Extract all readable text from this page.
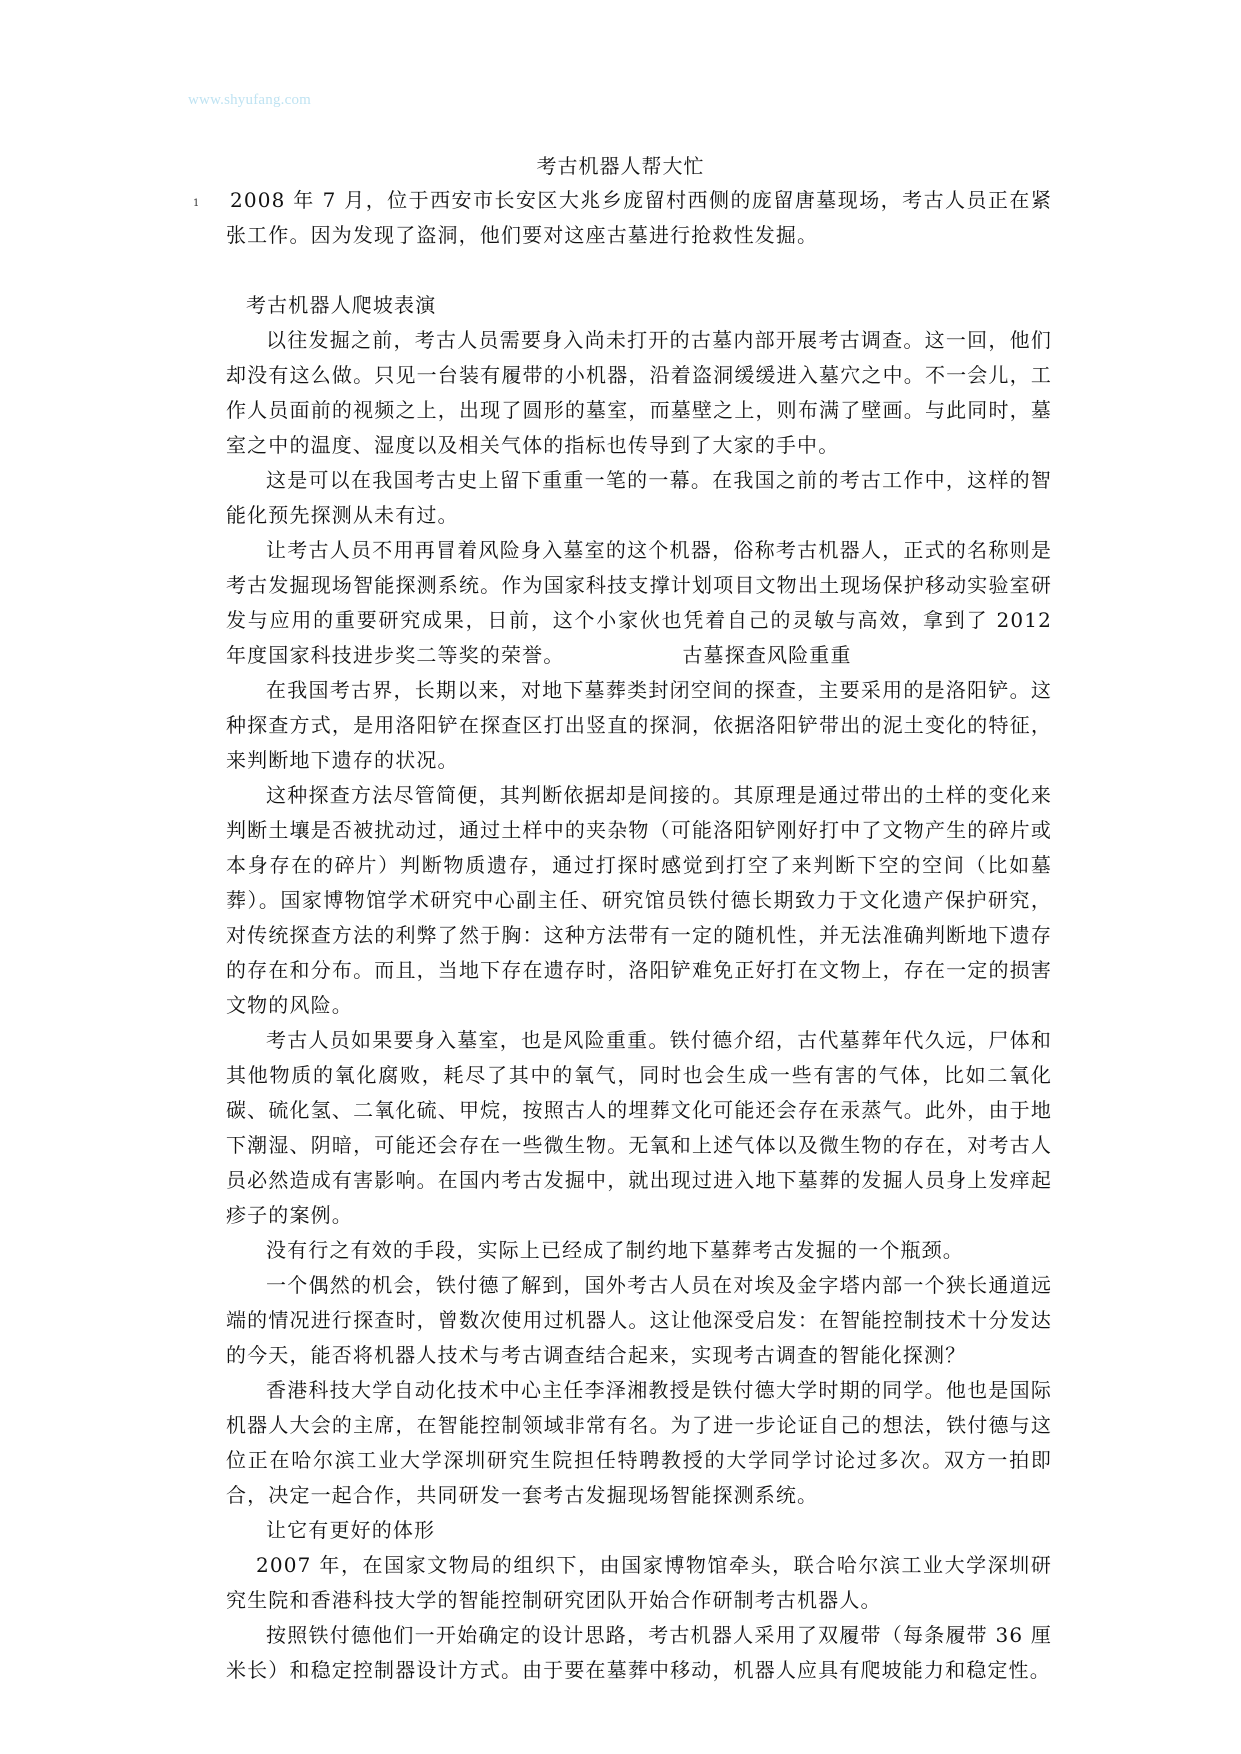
www.shyufang.com
考古机器人帮大忙
1 2008 年 7 月，位于西安市长安区大兆乡庞留村西侧的庞留唐墓现场，考古人员正在紧张工作。因为发现了盗洞，他们要对这座古墓进行抢救性发掘。

考古机器人爬坡表演

以往发掘之前，考古人员需要身入尚未打开的古墓内部开展考古调查。这一回，他们却没有这么做。只见一台装有履带的小机器，沿着盗洞缓缓进入墓穴之中。不一会儿，工作人员面前的视频之上，出现了圆形的墓室，而墓壁之上，则布满了壁画。与此同时，墓室之中的温度、湿度以及相关气体的指标也传导到了大家的手中。

这是可以在我国考古史上留下重重一笔的一幕。在我国之前的考古工作中，这样的智能化预先探测从未有过。

让考古人员不用再冒着风险身入墓室的这个机器，俗称考古机器人，正式的名称则是考古发掘现场智能探测系统。作为国家科技支撑计划项目文物出土现场保护移动实验室研发与应用的重要研究成果，日前，这个小家伙也凭着自己的灵敏与高效，拿到了 2012 年度国家科技进步奖二等奖的荣誉。	古墓探查风险重重

在我国考古界，长期以来，对地下墓葬类封闭空间的探查，主要采用的是洛阳铲。这种探查方式，是用洛阳铲在探查区打出竖直的探洞，依据洛阳铲带出的泥土变化的特征，来判断地下遗存的状况。

这种探查方法尽管简便，其判断依据却是间接的。其原理是通过带出的土样的变化来判断土壤是否被扰动过，通过土样中的夹杂物（可能洛阳铲刚好打中了文物产生的碎片或本身存在的碎片）判断物质遗存，通过打探时感觉到打空了来判断下空的空间（比如墓葬）。国家博物馆学术研究中心副主任、研究馆员铁付德长期致力于文化遗产保护研究，对传统探查方法的利弊了然于胸：这种方法带有一定的随机性，并无法准确判断地下遗存的存在和分布。而且，当地下存在遗存时，洛阳铲难免正好打在文物上，存在一定的损害文物的风险。

考古人员如果要身入墓室，也是风险重重。铁付德介绍，古代墓葬年代久远，尸体和其他物质的氧化腐败，耗尽了其中的氧气，同时也会生成一些有害的气体，比如二氧化碳、硫化氢、二氧化硫、甲烷，按照古人的埋葬文化可能还会存在汞蒸气。此外，由于地下潮湿、阴暗，可能还会存在一些微生物。无氧和上述气体以及微生物的存在，对考古人员必然造成有害影响。在国内考古发掘中，就出现过进入地下墓葬的发掘人员身上发痒起疹子的案例。

没有行之有效的手段，实际上已经成了制约地下墓葬考古发掘的一个瓶颈。

一个偶然的机会，铁付德了解到，国外考古人员在对埃及金字塔内部一个狭长通道远端的情况进行探查时，曾数次使用过机器人。这让他深受启发：在智能控制技术十分发达的今天，能否将机器人技术与考古调查结合起来，实现考古调查的智能化探测？

香港科技大学自动化技术中心主任李泽湘教授是铁付德大学时期的同学。他也是国际机器人大会的主席，在智能控制领域非常有名。为了进一步论证自己的想法，铁付德与这位正在哈尔滨工业大学深圳研究生院担任特聘教授的大学同学讨论过多次。双方一拍即合，决定一起合作，共同研发一套考古发掘现场智能探测系统。

让它有更好的体形

2007 年，在国家文物局的组织下，由国家博物馆牵头，联合哈尔滨工业大学深圳研究生院和香港科技大学的智能控制研究团队开始合作研制考古机器人。

按照铁付德他们一开始确定的设计思路，考古机器人采用了双履带（每条履带 36 厘米长）和稳定控制器设计方式。由于要在墓葬中移动，机器人应具有爬坡能力和稳定性。
